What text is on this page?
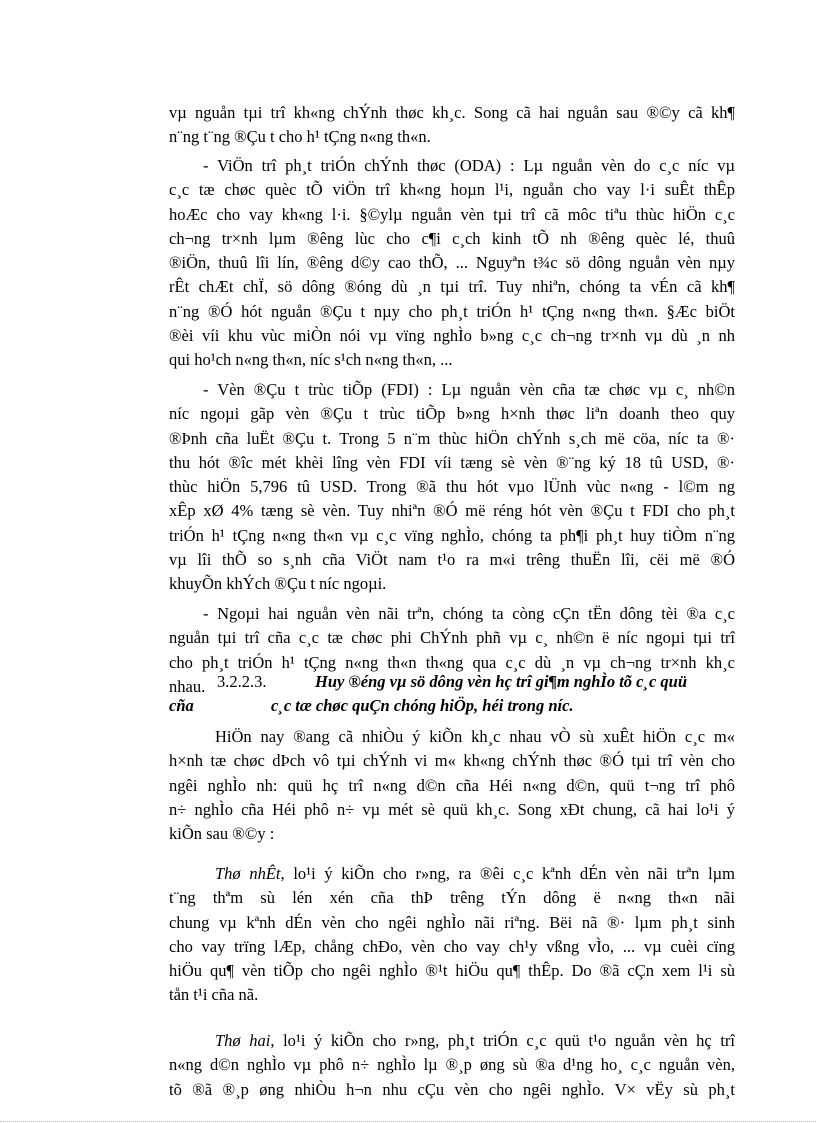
vµ nguån tµi trî kh«ng chÝnh thøc kh¸c. Song cã hai nguån sau ®©y cã kh¶
n¨ng t¨ng ®Çu t cho h¹ tÇng n«ng th«n.

- ViÖn trî ph¸t triÓn chÝnh thøc (ODA) : Lµ nguån vèn do c¸c níc vµ
c¸c tæ chøc quèc tÕ viÖn trî kh«ng hoµn l¹i, nguån cho vay l·i suÊt thÊp
hoÆc cho vay kh«ng l·i. §©ylµ nguån vèn tµi trî cã môc tiªu thùc hiÖn c¸c
ch¬ng tr×nh lµm ®êng lùc cho c¶i c¸ch kinh tÕ nh ®êng quèc lé, thuû
®iÖn, thuû lîi lín, ®êng d©y cao thÕ, ... Nguyªn t¾c sö dông nguån vèn nµy
rÊt chÆt chÏ, sö dông ®óng dù ¸n tµi trî. Tuy nhiªn, chóng ta vÉn cã kh¶
n¨ng ®Ó hót nguån ®Çu t nµy cho ph¸t triÓn h¹ tÇng n«ng th«n. §Æc biÖt
®èi víi khu vùc miÒn nói vµ vïng nghÌo b»ng c¸c ch¬ng tr×nh vµ dù ¸n nh
qui ho¹ch n«ng th«n, níc s¹ch n«ng th«n, ...

- Vèn ®Çu t trùc tiÕp (FDI) : Lµ nguån vèn cña tæ chøc vµ c¸ nh©n
níc ngoµi gãp vèn ®Çu t trùc tiÕp b»ng h×nh thøc liªn doanh theo quy
®Þnh cña luËt ®Çu t. Trong 5 n¨m thùc hiÖn chÝnh s¸ch më cöa, níc ta ®·
thu hót ®îc mét khèi lîng vèn FDI víi tæng sè vèn ®¨ng ký 18 tû USD, ®·
thùc hiÖn 5,796 tû USD. Trong ®ã thu hót vµo lÜnh vùc n«ng - l©m ng
xÊp xØ 4% tæng sè vèn. Tuy nhiªn ®Ó më réng hót vèn ®Çu t FDI cho ph¸t
triÓn h¹ tÇng n«ng th«n vµ c¸c vïng nghÌo, chóng ta ph¶i ph¸t huy tiÒm n¨ng
vµ lîi thÕ so s¸nh cña ViÖt nam t¹o ra m«i trêng thuËn lîi, cëi më ®Ó
khuyÕn khÝch ®Çu t níc ngoµi.

- Ngoµi hai nguån vèn nãi trªn, chóng ta còng cÇn tËn dông tèi ®a c¸c
nguån tµi trî cña c¸c tæ chøc phi ChÝnh phñ vµ c¸ nh©n ë níc ngoµi tµi trî
cho ph¸t triÓn h¹ tÇng n«ng th«n th«ng qua c¸c dù ¸n vµ ch¬ng tr×nh kh¸c
nhau. 3.2.2.3.	Huy ®éng vµ sö dông vèn hç trî gi¶m nghÌo tõ c¸c quü
cña	c¸c tæ chøc quÇn chóng hiÖp, héi trong níc.

HiÖn nay ®ang cã nhiÒu ý kiÕn kh¸c nhau vÒ sù xuÊt hiÖn c¸c m«
h×nh tæ chøc dÞch vô tµi chÝnh vi m« kh«ng chÝnh thøc ®Ó tµi trî vèn cho
ngêi nghÌo nh: quü hç trî n«ng d©n cña Héi n«ng d©n, quü t¬ng trî phô
n÷ nghÌo cña Héi phô n÷ vµ mét sè quü kh¸c. Song xÐt chung, cã hai lo¹i ý
kiÕn sau ®©y :

Thø nhÊt, lo¹i ý kiÕn cho r»ng, ra ®êi c¸c kªnh dÉn vèn nãi trªn lµm
t¨ng thªm sù lén xén cña thÞ trêng tÝn dông ë n«ng th«n nãi
chung vµ kªnh dÉn vèn cho ngêi nghÌo nãi riªng. Bëi nã ®· lµm ph¸t sinh
cho vay trïng lÆp, chång chÐo, vèn cho vay ch¹y vßng vÌo, ... vµ cuèi cïng
hiÖu qu¶ vèn tiÕp cho ngêi nghÌo ®¹t hiÖu qu¶ thÊp. Do ®ã cÇn xem l¹i sù
tån t¹i cña nã.

Thø hai, lo¹i ý kiÕn cho r»ng, ph¸t triÓn c¸c quü t¹o nguån vèn hç trî
n«ng d©n nghÌo vµ phô n÷ nghÌo lµ ®¸p øng sù ®a d¹ng ho¸ c¸c nguån vèn,
tõ ®ã ®¸p øng nhiÒu h¬n nhu cÇu vèn cho ngêi nghÌo. V× vËy sù ph¸t
